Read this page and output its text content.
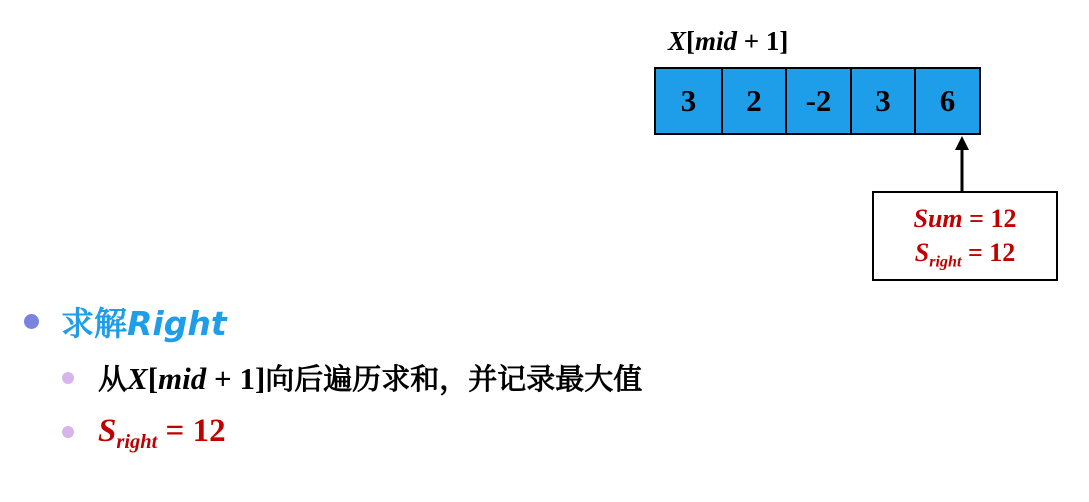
X[mid + 1]
3	2	-2	3	6
Sum = 12
$S_{right} = 12$
求解Right
从X[mid + 1]向后遍历求和，并记录最大值
$S_{right} = 12$
